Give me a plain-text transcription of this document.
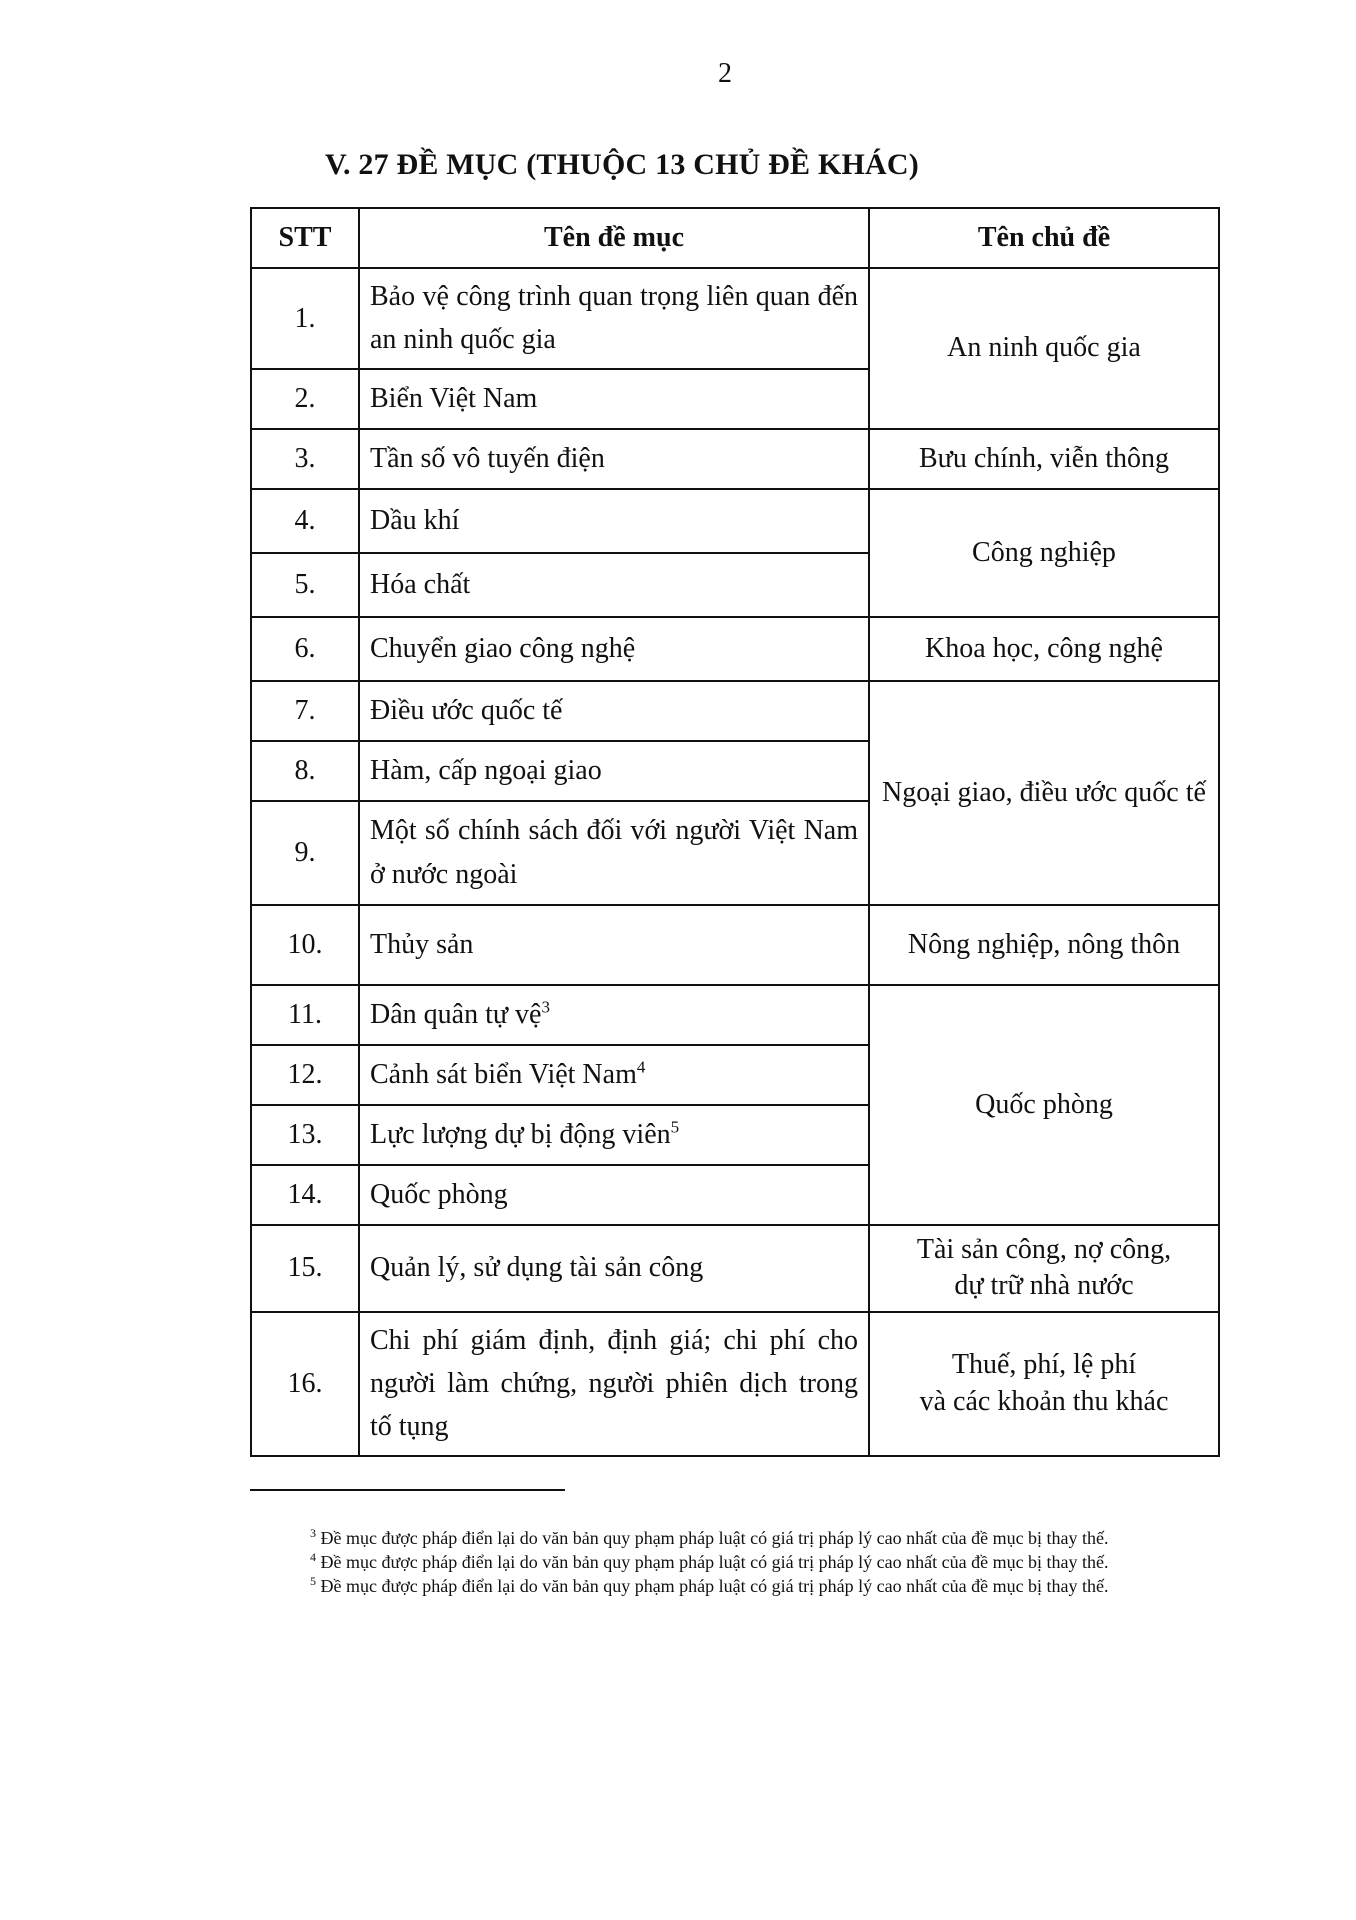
2
V. 27 ĐỀ MỤC (THUỘC 13 CHỦ ĐỀ KHÁC)
STT	Tên đề mục	Tên chủ đề
1.	Bảo vệ công trình quan trọng liên quan đến an ninh quốc gia	An ninh quốc gia
2.	Biển Việt Nam	
3.	Tần số vô tuyến điện	Bưu chính, viễn thông
4.	Dầu khí	Công nghiệp
5.	Hóa chất	
6.	Chuyển giao công nghệ	Khoa học, công nghệ
7.	Điều ước quốc tế	Ngoại giao, điều ước quốc tế
8.	Hàm, cấp ngoại giao	
9.	Một số chính sách đối với người Việt Nam ở nước ngoài	
10.	Thủy sản	Nông nghiệp, nông thôn
11.	Dân quân tự vệ$^3$	Quốc phòng
12.	Cảnh sát biển Việt Nam$^4$
13.	Lực lượng dự bị động viên$^5$
14.	Quốc phòng	
15.	Quản lý, sử dụng tài sản công	Tài sản công, nợ công,
dự trữ nhà nước
16.	Chi phí giám định, định giá; chi phí cho người làm chứng, người phiên dịch trong tố tụng	Thuế, phí, lệ phí
và các khoản thu khác
$^3$ Đề mục được pháp điển lại do văn bản quy phạm pháp luật có giá trị pháp lý cao nhất của đề mục bị thay thế.
$^4$ Đề mục được pháp điển lại do văn bản quy phạm pháp luật có giá trị pháp lý cao nhất của đề mục bị thay thế.
$^5$ Đề mục được pháp điển lại do văn bản quy phạm pháp luật có giá trị pháp lý cao nhất của đề mục bị thay thế.
